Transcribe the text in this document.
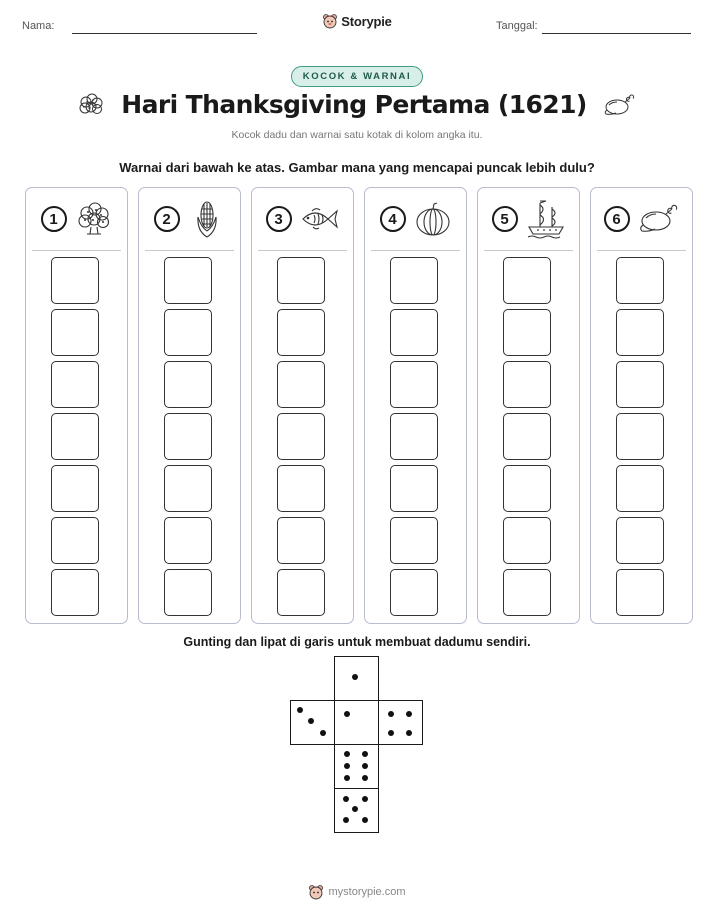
Nama:	Storypie	Tanggal:
KOCOK & WARNAI
Hari Thanksgiving Pertama (1621)
Kocok dadu dan warnai satu kotak di kolom angka itu.
Warnai dari bawah ke atas. Gambar mana yang mencapai puncak lebih dulu?
1	2	3	4	5	6
Gunting dan lipat di garis untuk membuat dadumu sendiri.
mystorypie.com
